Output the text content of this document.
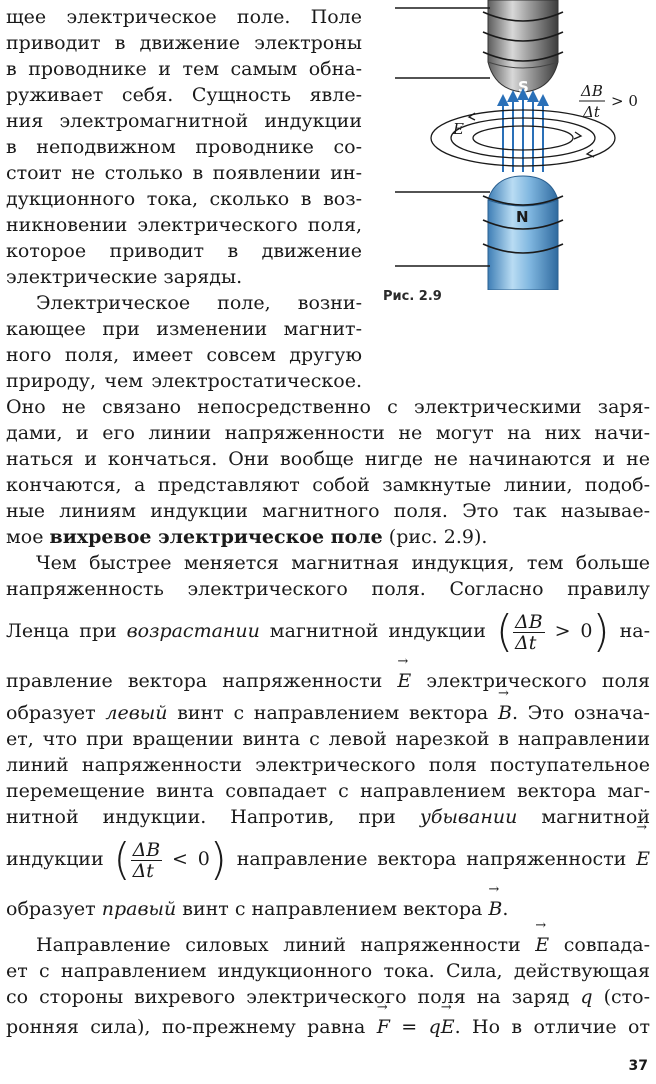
S
E
N
ΔB
Δt
> 0
Рис. 2.9
щее электрическое поле. Поле
приводит в движение электроны
в проводнике и тем самым обна-
руживает себя. Сущность явле-
ния электромагнитной индукции
в неподвижном проводнике со-
стоит не столько в появлении ин-
дукционного тока, сколько в воз-
никновении электрического поля,
которое приводит в движение
электрические заряды.
Электрическое поле, возни-
кающее при изменении магнит-
ного поля, имеет совсем другую
природу, чем электростатическое.
Оно не связано непосредственно с электрическими заря-
дами, и его линии напряженности не могут на них начи-
наться и кончаться. Они вообще нигде не начинаются и не
кончаются, а представляют собой замкнутые линии, подоб-
ные линиям индукции магнитного поля. Это так называе-
мое вихревое электрическое поле (рис. 2.9).
Чем быстрее меняется магнитная индукция, тем больше
напряженность электрического поля. Согласно правилу
Ленца при возрастании магнитной индукции ( $\frac{\Delta B}{\Delta t} > 0$) на-
правление вектора напряженности → E электрического поля
образует левый винт с направлением вектора → B. Это означа-
ет, что при вращении винта с левой нарезкой в направлении
линий напряженности электрического поля поступательное
перемещение винта совпадает с направлением вектора маг-
нитной индукции. Напротив, при убывании магнитной
индукции ( $\frac{\Delta B}{\Delta t} < 0$) направление вектора напряженности → E
образует правый винт с направлением вектора → B.
Направление силовых линий напряженности → E совпада-
ет с направлением индукционного тока. Сила, действующая
со стороны вихревого электрического поля на заряд q (сто-
ронняя сила), по-прежнему равна → F = q→ E. Но в отличие от
37
